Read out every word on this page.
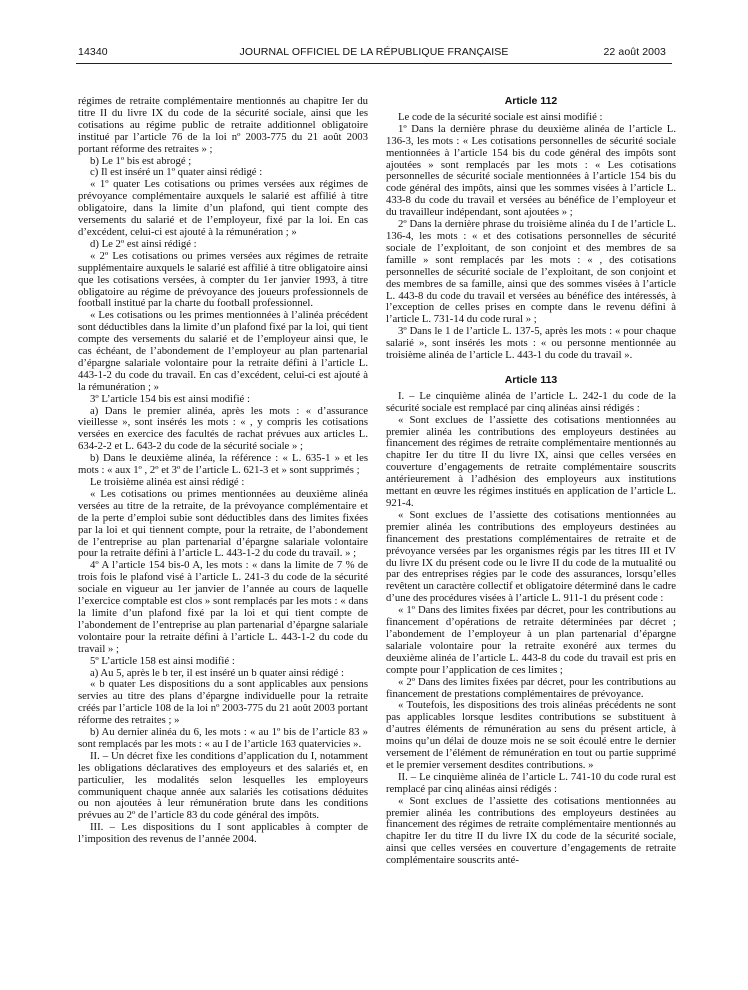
14340	JOURNAL OFFICIEL DE LA RÉPUBLIQUE FRANÇAISE	22 août 2003

régimes de retraite complémentaire mentionnés au chapitre Ier du titre II du livre IX du code de la sécurité sociale, ainsi que les cotisations au régime public de retraite additionnel obligatoire institué par l’article 76 de la loi nº 2003-775 du 21 août 2003 portant réforme des retraites » ;

b) Le 1º bis est abrogé ;

c) Il est inséré un 1º quater ainsi rédigé :

« 1º quater Les cotisations ou primes versées aux régimes de prévoyance complémentaire auxquels le salarié est affilié à titre obligatoire, dans la limite d’un plafond, qui tient compte des versements du salarié et de l’employeur, fixé par la loi. En cas d’excédent, celui-ci est ajouté à la rémunération ; »

d) Le 2º est ainsi rédigé :

« 2º Les cotisations ou primes versées aux régimes de retraite supplémentaire auxquels le salarié est affilié à titre obligatoire ainsi que les cotisations versées, à compter du 1er janvier 1993, à titre obligatoire au régime de prévoyance des joueurs professionnels de football institué par la charte du football professionnel.

« Les cotisations ou les primes mentionnées à l’alinéa précédent sont déductibles dans la limite d’un plafond fixé par la loi, qui tient compte des versements du salarié et de l’employeur ainsi que, le cas échéant, de l’abondement de l’employeur au plan partenarial d’épargne salariale volontaire pour la retraite défini à l’article L. 443-1-2 du code du travail. En cas d’excédent, celui-ci est ajouté à la rémunération ; »

3º L’article 154 bis est ainsi modifié :

a) Dans le premier alinéa, après les mots : « d’assurance vieillesse », sont insérés les mots : « , y compris les cotisations versées en exercice des facultés de rachat prévues aux articles L. 634-2-2 et L. 643-2 du code de la sécurité sociale » ;

b) Dans le deuxième alinéa, la référence : « L. 635-1 » et les mots : « aux 1º , 2º et 3º de l’article L. 621-3 et » sont supprimés ;

Le troisième alinéa est ainsi rédigé :

« Les cotisations ou primes mentionnées au deuxième alinéa versées au titre de la retraite, de la prévoyance complémentaire et de la perte d’emploi subie sont déductibles dans des limites fixées par la loi et qui tiennent compte, pour la retraite, de l’abondement de l’entreprise au plan partenarial d’épargne salariale volontaire pour la retraite défini à l’article L. 443-1-2 du code du travail. » ;

4º A l’article 154 bis-0 A, les mots : « dans la limite de 7 % de trois fois le plafond visé à l’article L. 241-3 du code de la sécurité sociale en vigueur au 1er janvier de l’année au cours de laquelle l’exercice comptable est clos » sont remplacés par les mots : « dans la limite d’un plafond fixé par la loi et qui tient compte de l’abondement de l’entreprise au plan partenarial d’épargne salariale volontaire pour la retraite défini à l’article L. 443-1-2 du code du travail » ;

5º L’article 158 est ainsi modifié :

a) Au 5, après le b ter, il est inséré un b quater ainsi rédigé :

« b quater Les dispositions du a sont applicables aux pensions servies au titre des plans d’épargne individuelle pour la retraite créés par l’article 108 de la loi nº 2003-775 du 21 août 2003 portant réforme des retraites ; »

b) Au dernier alinéa du 6, les mots : « au 1º bis de l’article 83 » sont remplacés par les mots : « au I de l’article 163 quatervicies ».

II. – Un décret fixe les conditions d’application du I, notamment les obligations déclaratives des employeurs et des salariés et, en particulier, les modalités selon lesquelles les employeurs communiquent chaque année aux salariés les cotisations déduites ou non ajoutées à leur rémunération brute dans les conditions prévues au 2º de l’article 83 du code général des impôts.

III. – Les dispositions du I sont applicables à compter de l’imposition des revenus de l’année 2004.

Article 112

Le code de la sécurité sociale est ainsi modifié :

1º Dans la dernière phrase du deuxième alinéa de l’article L. 136-3, les mots : « Les cotisations personnelles de sécurité sociale mentionnées à l’article 154 bis du code général des impôts sont ajoutées » sont remplacés par les mots : « Les cotisations personnelles de sécurité sociale mentionnées à l’article 154 bis du code général des impôts, ainsi que les sommes visées à l’article L. 433-8 du code du travail et versées au bénéfice de l’employeur et du travailleur indépendant, sont ajoutées » ;

2º Dans la dernière phrase du troisième alinéa du I de l’article L. 136-4, les mots : « et des cotisations personnelles de sécurité sociale de l’exploitant, de son conjoint et des membres de sa famille » sont remplacés par les mots : « , des cotisations personnelles de sécurité sociale de l’exploitant, de son conjoint et des membres de sa famille, ainsi que des sommes visées à l’article L. 443-8 du code du travail et versées au bénéfice des intéressés, à l’exception de celles prises en compte dans le revenu défini à l’article L. 731-14 du code rural » ;

3º Dans le 1 de l’article L. 137-5, après les mots : « pour chaque salarié », sont insérés les mots : « ou personne mentionnée au troisième alinéa de l’article L. 443-1 du code du travail ».

Article 113

I. – Le cinquième alinéa de l’article L. 242-1 du code de la sécurité sociale est remplacé par cinq alinéas ainsi rédigés :

« Sont exclues de l’assiette des cotisations mentionnées au premier alinéa les contributions des employeurs destinées au financement des régimes de retraite complémentaire mentionnés au chapitre Ier du titre II du livre IX, ainsi que celles versées en couverture d’engagements de retraite complémentaire souscrits antérieurement à l’adhésion des employeurs aux institutions mettant en œuvre les régimes institués en application de l’article L. 921-4.

« Sont exclues de l’assiette des cotisations mentionnées au premier alinéa les contributions des employeurs destinées au financement des prestations complémentaires de retraite et de prévoyance versées par les organismes régis par les titres III et IV du livre IX du présent code ou le livre II du code de la mutualité ou par des entreprises régies par le code des assurances, lorsqu’elles revêtent un caractère collectif et obligatoire déterminé dans le cadre d’une des procédures visées à l’article L. 911-1 du présent code :

« 1º Dans des limites fixées par décret, pour les contributions au financement d’opérations de retraite déterminées par décret ; l’abondement de l’employeur à un plan partenarial d’épargne salariale volontaire pour la retraite exonéré aux termes du deuxième alinéa de l’article L. 443-8 du code du travail est pris en compte pour l’application de ces limites ;

« 2º Dans des limites fixées par décret, pour les contributions au financement de prestations complémentaires de prévoyance.

« Toutefois, les dispositions des trois alinéas précédents ne sont pas applicables lorsque lesdites contributions se substituent à d’autres éléments de rémunération au sens du présent article, à moins qu’un délai de douze mois ne se soit écoulé entre le dernier versement de l’élément de rémunération en tout ou partie supprimé et le premier versement desdites contributions. »

II. – Le cinquième alinéa de l’article L. 741-10 du code rural est remplacé par cinq alinéas ainsi rédigés :

« Sont exclues de l’assiette des cotisations mentionnées au premier alinéa les contributions des employeurs destinées au financement des régimes de retraite complémentaire mentionnés au chapitre Ier du titre II du livre IX du code de la sécurité sociale, ainsi que celles versées en couverture d’engagements de retraite complémentaire souscrits anté-
